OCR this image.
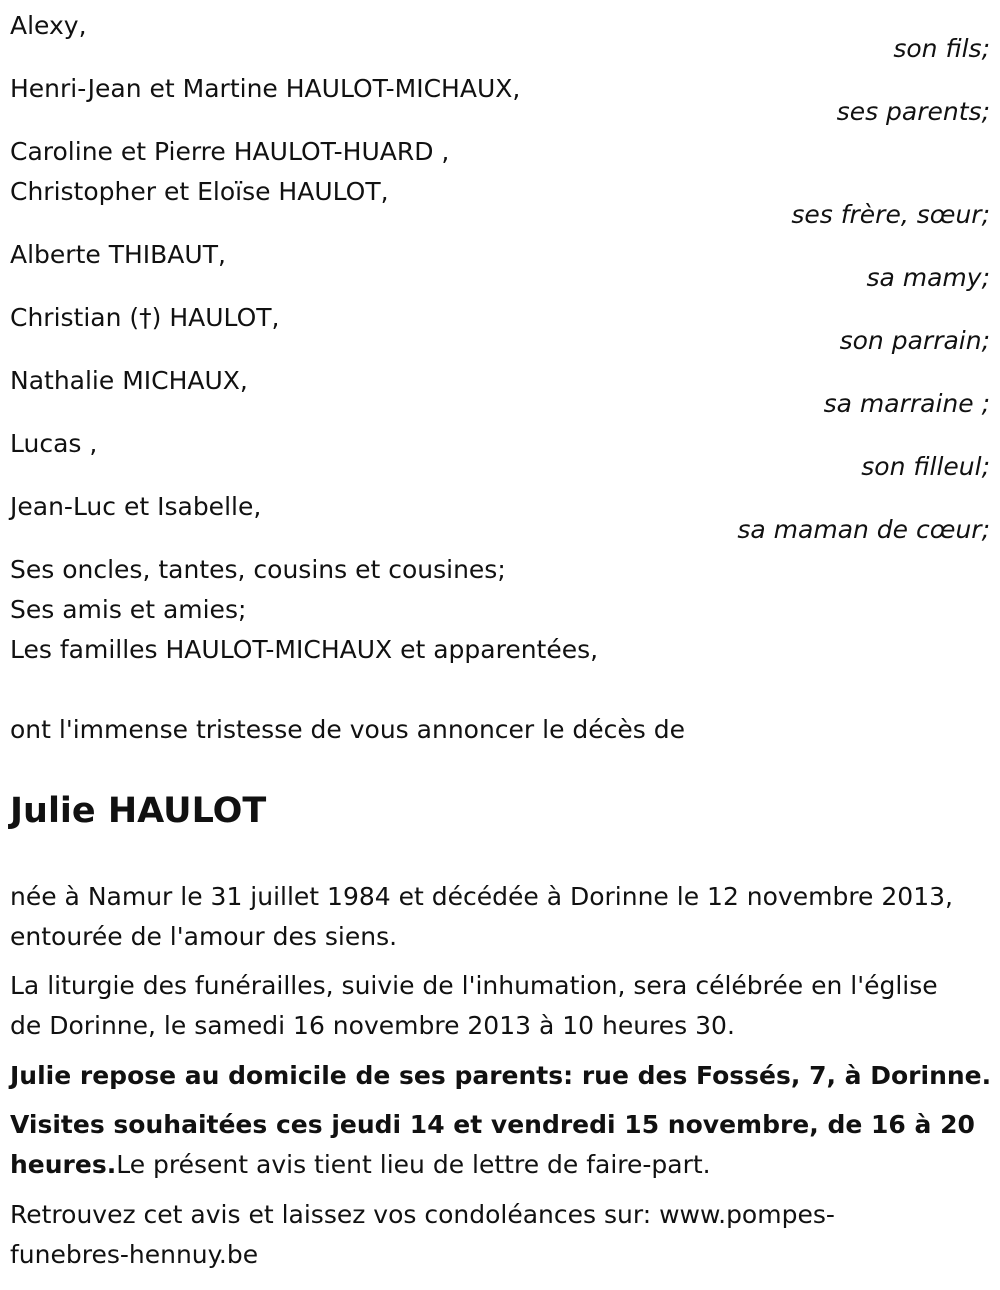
Alexy,
son fils;
Henri-Jean et Martine HAULOT-MICHAUX,
ses parents;
Caroline et Pierre HAULOT-HUARD ,
Christopher et Eloïse HAULOT,
ses frère, sœur;
Alberte THIBAUT,
sa mamy;
Christian (†) HAULOT,
son parrain;
Nathalie MICHAUX,
sa marraine ;
Lucas ,
son filleul;
Jean-Luc et Isabelle,
sa maman de cœur;
Ses oncles, tantes, cousins et cousines;
Ses amis et amies;
Les familles HAULOT-MICHAUX et apparentées,
ont l'immense tristesse de vous annoncer le décès de
Julie HAULOT
née à Namur le 31 juillet 1984 et décédée à Dorinne le 12 novembre 2013,
entourée de l'amour des siens.
La liturgie des funérailles, suivie de l'inhumation, sera célébrée en l'église
de Dorinne, le samedi 16 novembre 2013 à 10 heures 30.
Julie repose au domicile de ses parents: rue des Fossés, 7, à Dorinne.
Visites souhaitées ces jeudi 14 et vendredi 15 novembre, de 16 à 20
heures.Le présent avis tient lieu de lettre de faire-part.
Retrouvez cet avis et laissez vos condoléances sur: www.pompes-
funebres-hennuy.be
